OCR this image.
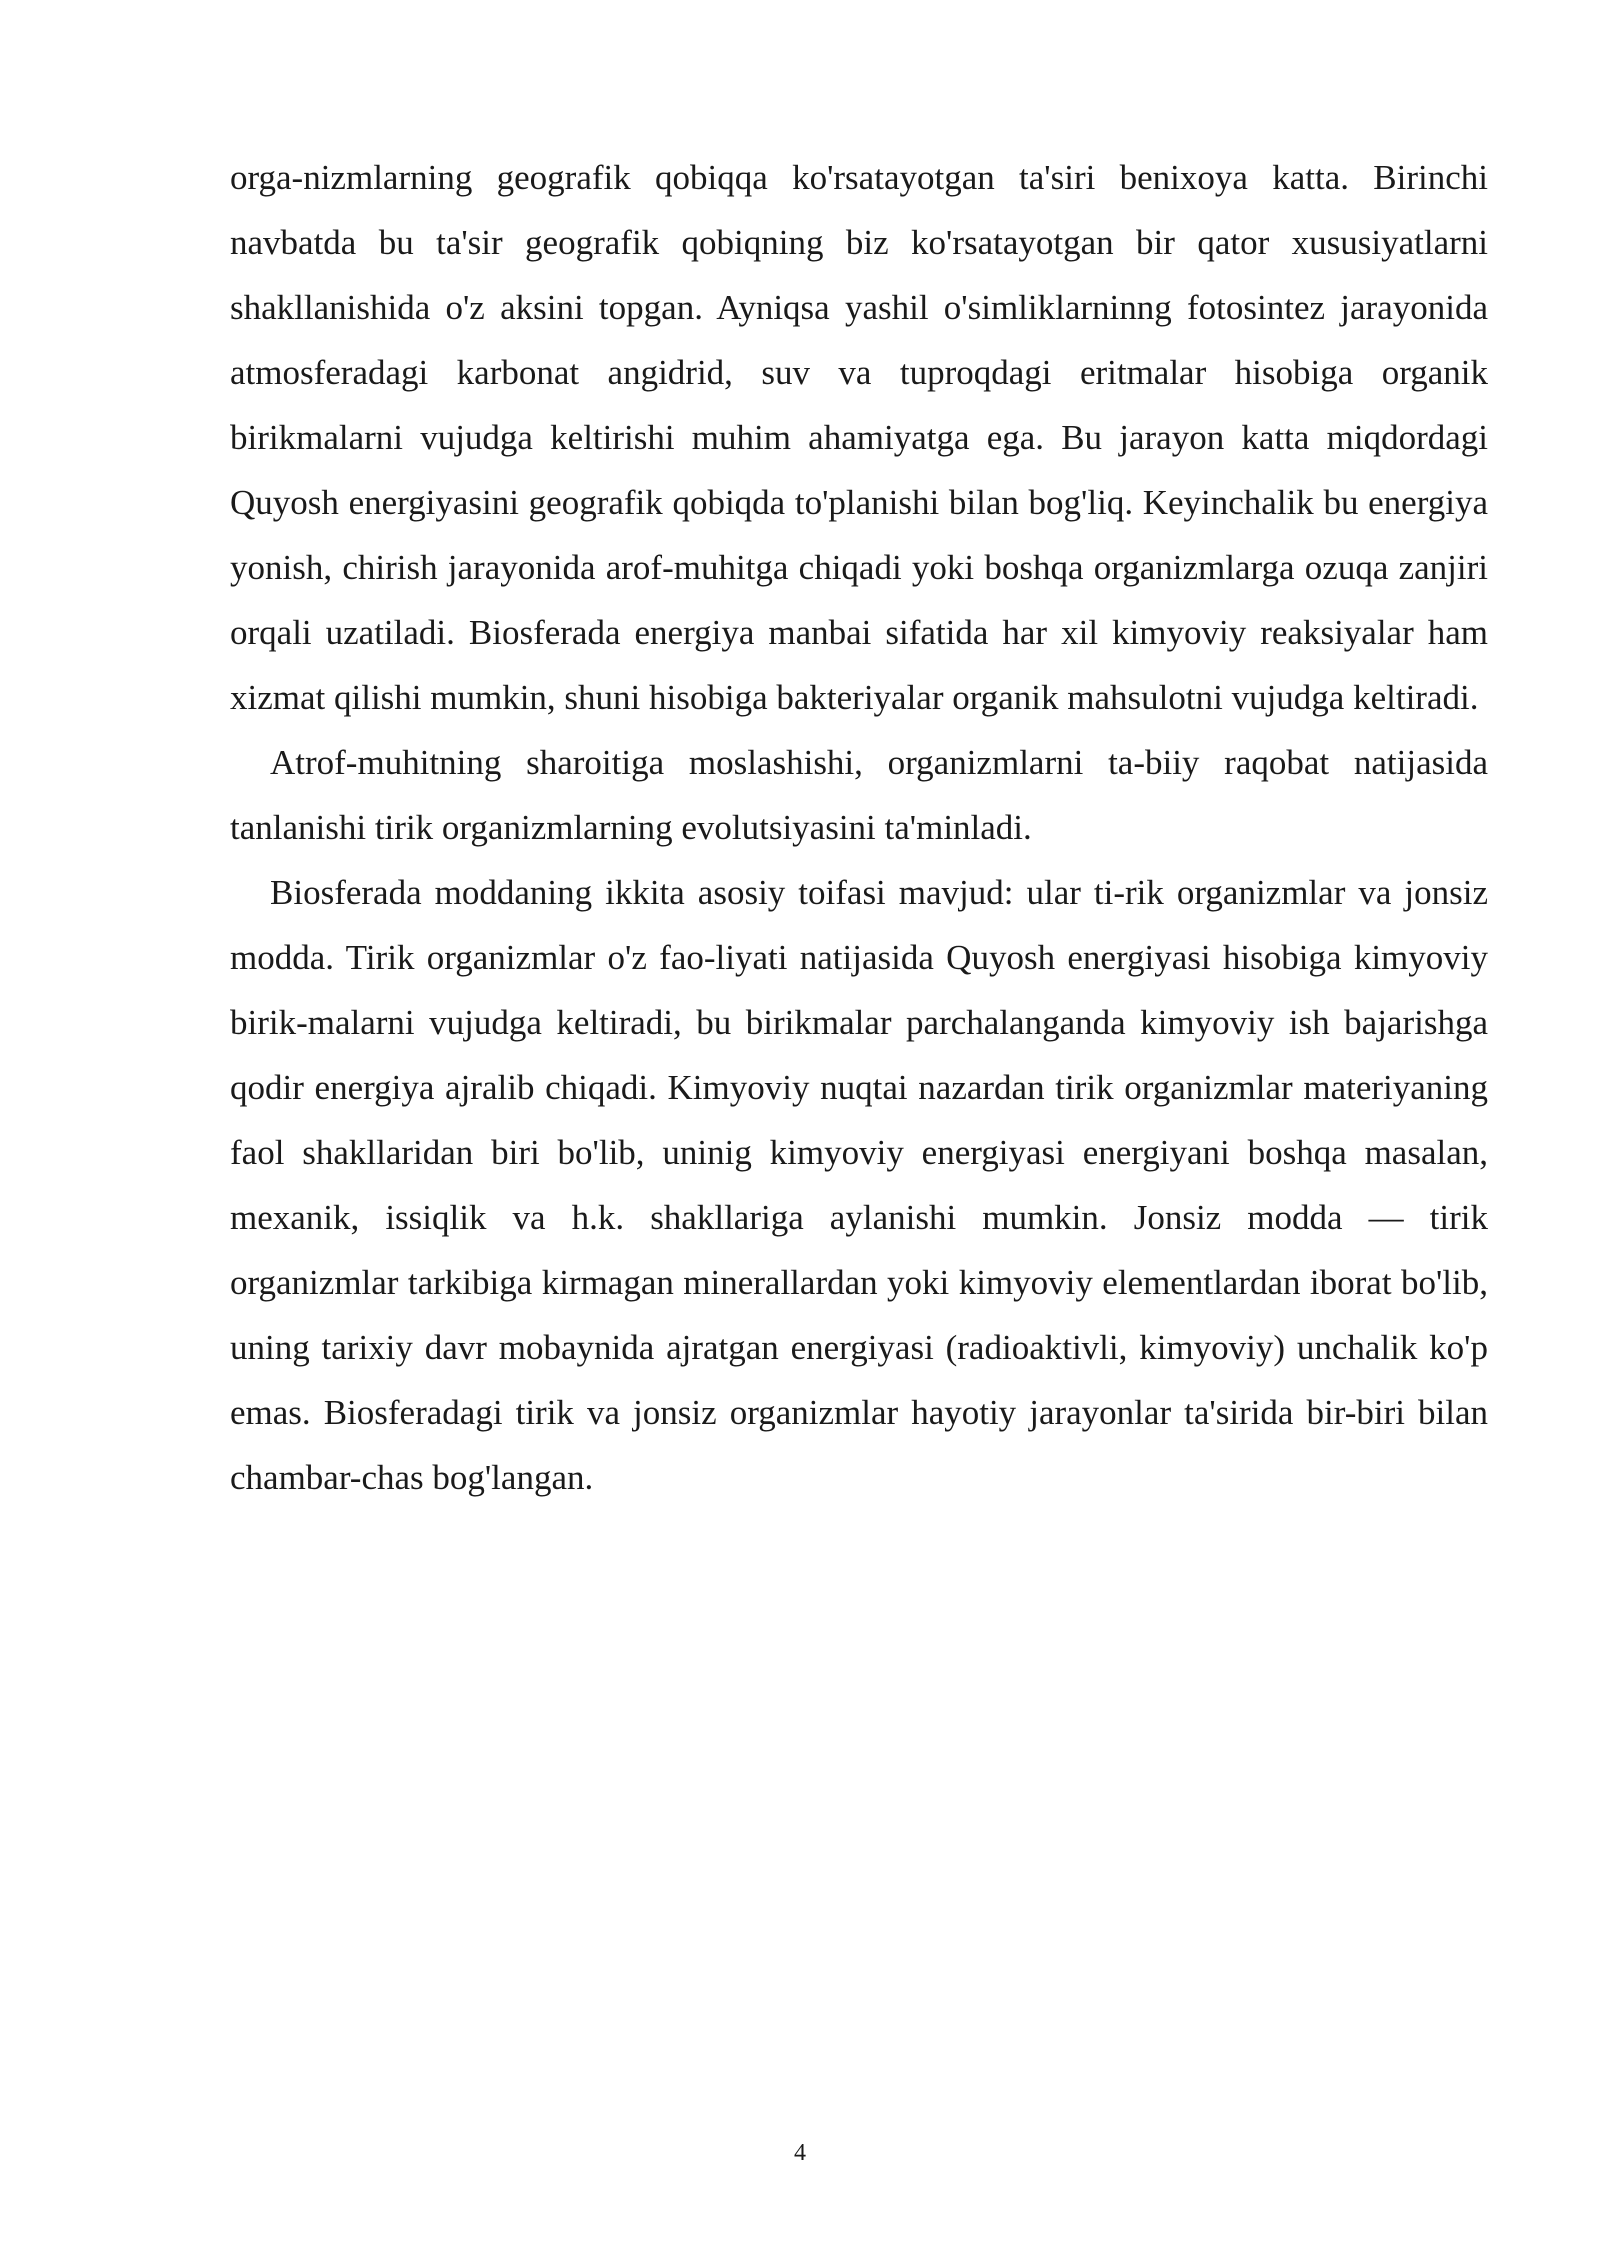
orga-nizmlarning geografik qobiqqa ko'rsatayotgan ta'siri benixoya katta. Birinchi navbatda bu ta'sir geografik qobiqning biz ko'rsatayotgan bir qator xususiyatlarni shakllanishida o'z aksini topgan. Ayniqsa yashil o'simliklarninng fotosintez jarayonida atmosferadagi karbonat angidrid, suv va tuproqdagi eritmalar hisobiga organik birikmalarni vujudga keltirishi muhim ahamiyatga ega. Bu jarayon katta miqdordagi Quyosh energiyasini geografik qobiqda to'planishi bilan bog'liq. Keyinchalik bu energiya yonish, chirish jarayonida arof-muhitga chiqadi yoki boshqa organizmlarga ozuqa zanjiri orqali uzatiladi. Biosferada energiya manbai sifatida har xil kimyoviy reaksiyalar ham xizmat qilishi mumkin, shuni hisobiga bakteriyalar organik mahsulotni vujudga keltiradi.

Atrof-muhitning sharoitiga moslashishi, organizmlarni ta-biiy raqobat natijasida tanlanishi tirik organizmlarning evolutsiyasini ta'minladi.

Biosferada moddaning ikkita asosiy toifasi mavjud: ular ti-rik organizmlar va jonsiz modda. Tirik organizmlar o'z fao-liyati natijasida Quyosh energiyasi hisobiga kimyoviy birik-malarni vujudga keltiradi, bu birikmalar parchalanganda kimyoviy ish bajarishga qodir energiya ajralib chiqadi. Kimyoviy nuqtai nazardan tirik organizmlar materiyaning faol shakllaridan biri bo'lib, uninig kimyoviy energiyasi energiyani boshqa masalan, mexanik, issiqlik va h.k. shakllariga aylanishi mumkin. Jonsiz modda — tirik organizmlar tarkibiga kirmagan minerallardan yoki kimyoviy elementlardan iborat bo'lib, uning tarixiy davr mobaynida ajratgan energiyasi (radioaktivli, kimyoviy) unchalik ko'p emas. Biosferadagi tirik va jonsiz organizmlar hayotiy jarayonlar ta'sirida bir-biri bilan chambar-chas bog'langan.

4
